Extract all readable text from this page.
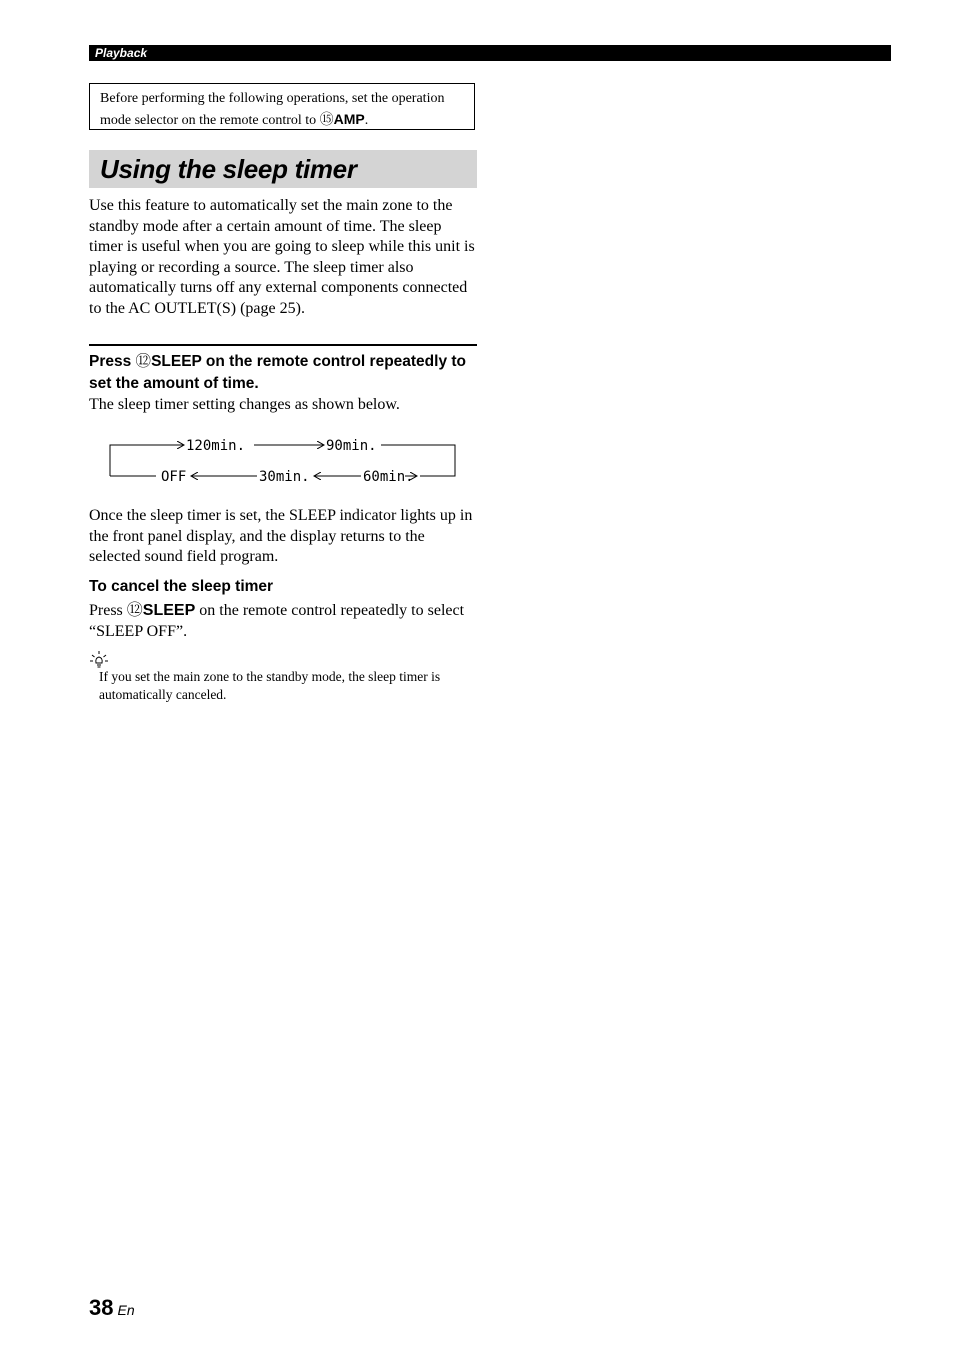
Playback
Before performing the following operations, set the operation mode selector on the remote control to ⑮AMP.
Using the sleep timer
Use this feature to automatically set the main zone to the standby mode after a certain amount of time. The sleep timer is useful when you are going to sleep while this unit is playing or recording a source. The sleep timer also automatically turns off any external components connected to the AC OUTLET(S) (page 25).
Press ⑫SLEEP on the remote control repeatedly to set the amount of time.
The sleep timer setting changes as shown below.
120min.	90min.
OFF	30min.	60min.
Once the sleep timer is set, the SLEEP indicator lights up in the front panel display, and the display returns to the selected sound field program.
To cancel the sleep timer
Press ⑫SLEEP on the remote control repeatedly to select “SLEEP OFF”.
If you set the main zone to the standby mode, the sleep timer is automatically canceled.
38 En
